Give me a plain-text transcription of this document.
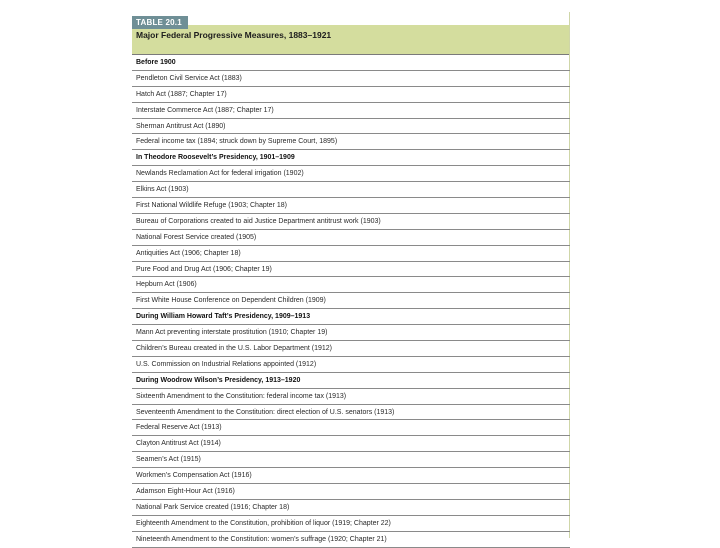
TABLE 20.1
Major Federal Progressive Measures, 1883–1921
Before 1900
Pendleton Civil Service Act (1883)
Hatch Act (1887; Chapter 17)
Interstate Commerce Act (1887; Chapter 17)
Sherman Antitrust Act (1890)
Federal income tax (1894; struck down by Supreme Court, 1895)
In Theodore Roosevelt’s Presidency, 1901–1909
Newlands Reclamation Act for federal irrigation (1902)
Elkins Act (1903)
First National Wildlife Refuge (1903; Chapter 18)
Bureau of Corporations created to aid Justice Department antitrust work (1903)
National Forest Service created (1905)
Antiquities Act (1906; Chapter 18)
Pure Food and Drug Act (1906; Chapter 19)
Hepburn Act (1906)
First White House Conference on Dependent Children (1909)
During William Howard Taft’s Presidency, 1909–1913
Mann Act preventing interstate prostitution (1910; Chapter 19)
Children’s Bureau created in the U.S. Labor Department (1912)
U.S. Commission on Industrial Relations appointed (1912)
During Woodrow Wilson’s Presidency, 1913–1920
Sixteenth Amendment to the Constitution: federal income tax (1913)
Seventeenth Amendment to the Constitution: direct election of U.S. senators (1913)
Federal Reserve Act (1913)
Clayton Antitrust Act (1914)
Seamen’s Act (1915)
Workmen’s Compensation Act (1916)
Adamson Eight-Hour Act (1916)
National Park Service created (1916; Chapter 18)
Eighteenth Amendment to the Constitution, prohibition of liquor (1919; Chapter 22)
Nineteenth Amendment to the Constitution: women’s suffrage (1920; Chapter 21)
